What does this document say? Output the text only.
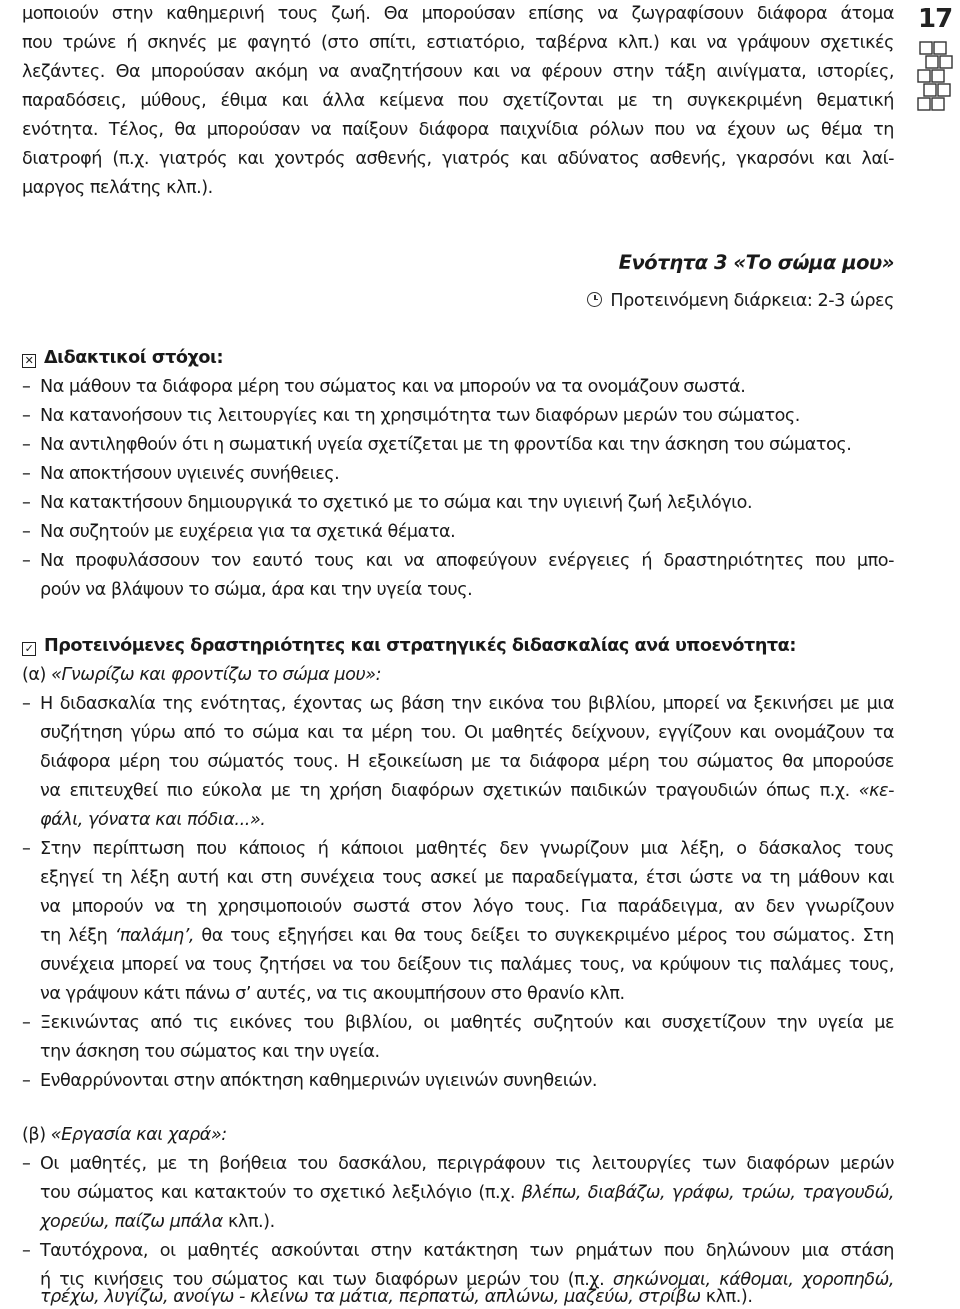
17
μοποιούν στην καθημερινή τους ζωή. Θα μπορούσαν επίσης να ζωγραφίσουν διάφορα άτομα
που τρώνε ή σκηνές με φαγητό (στο σπίτι, εστιατόριο, ταβέρνα κλπ.) και να γράψουν σχετικές
λεζάντες. Θα μπορούσαν ακόμη να αναζητήσουν και να φέρουν στην τάξη αινίγματα, ιστορίες,
παραδόσεις, μύθους, έθιμα και άλλα κείμενα που σχετίζονται με τη συγκεκριμένη θεματική
ενότητα. Τέλος, θα μπορούσαν να παίξουν διάφορα παιχνίδια ρόλων που να έχουν ως θέμα τη
διατροφή (π.χ. γιατρός και χοντρός ασθενής, γιατρός και αδύνατος ασθενής, γκαρσόνι και λαί-
μαργος πελάτης κλπ.).
Ενότητα 3 «Το σώμα μου»
Προτεινόμενη διάρκεια: 2-3 ώρες
✕ Διδακτικοί στόχοι:
– Να μάθουν τα διάφορα μέρη του σώματος και να μπορούν να τα ονομάζουν σωστά.
– Να κατανοήσουν τις λειτουργίες και τη χρησιμότητα των διαφόρων μερών του σώματος.
– Να αντιληφθούν ότι η σωματική υγεία σχετίζεται με τη φροντίδα και την άσκηση του σώματος.
– Να αποκτήσουν υγιεινές συνήθειες.
– Να κατακτήσουν δημιουργικά το σχετικό με το σώμα και την υγιεινή ζωή λεξιλόγιο.
– Να συζητούν με ευχέρεια για τα σχετικά θέματα.
– Να προφυλάσσουν τον εαυτό τους και να αποφεύγουν ενέργειες ή δραστηριότητες που μπο-
ρούν να βλάψουν το σώμα, άρα και την υγεία τους.
✓ Προτεινόμενες δραστηριότητες και στρατηγικές διδασκαλίας ανά υποενότητα:
(α) «Γνωρίζω και φροντίζω το σώμα μου»:
– Η διδασκαλία της ενότητας, έχοντας ως βάση την εικόνα του βιβλίου, μπορεί να ξεκινήσει με μια
συζήτηση γύρω από το σώμα και τα μέρη του. Οι μαθητές δείχνουν, εγγίζουν και ονομάζουν τα
διάφορα μέρη του σώματός τους. Η εξοικείωση με τα διάφορα μέρη του σώματος θα μπορούσε
να επιτευχθεί πιο εύκολα με τη χρήση διαφόρων σχετικών παιδικών τραγουδιών όπως π.χ. «κε-
φάλι, γόνατα και πόδια...».
– Στην περίπτωση που κάποιος ή κάποιοι μαθητές δεν γνωρίζουν μια λέξη, ο δάσκαλος τους
εξηγεί τη λέξη αυτή και στη συνέχεια τους ασκεί με παραδείγματα, έτσι ώστε να τη μάθουν και
να μπορούν να τη χρησιμοποιούν σωστά στον λόγο τους. Για παράδειγμα, αν δεν γνωρίζουν
τη λέξη ‘παλάμη’, θα τους εξηγήσει και θα τους δείξει το συγκεκριμένο μέρος του σώματος. Στη
συνέχεια μπορεί να τους ζητήσει να του δείξουν τις παλάμες τους, να κρύψουν τις παλάμες τους,
να γράψουν κάτι πάνω σ’ αυτές, να τις ακουμπήσουν στο θρανίο κλπ.
– Ξεκινώντας από τις εικόνες του βιβλίου, οι μαθητές συζητούν και συσχετίζουν την υγεία με
την άσκηση του σώματος και την υγεία.
– Ενθαρρύνονται στην απόκτηση καθημερινών υγιεινών συνηθειών.
(β) «Εργασία και χαρά»:
– Οι μαθητές, με τη βοήθεια του δασκάλου, περιγράφουν τις λειτουργίες των διαφόρων μερών
του σώματος και κατακτούν το σχετικό λεξιλόγιο (π.χ. βλέπω, διαβάζω, γράφω, τρώω, τραγουδώ,
χορεύω, παίζω μπάλα κλπ.).
– Ταυτόχρονα, οι μαθητές ασκούνται στην κατάκτηση των ρημάτων που δηλώνουν μια στάση
ή τις κινήσεις του σώματος και των διαφόρων μερών του (π.χ. σηκώνομαι, κάθομαι, χοροπηδώ,
τρέχω, λυγίζω, ανοίγω - κλείνω τα μάτια, περπατώ, απλώνω, μαζεύω, στρίβω κλπ.).
